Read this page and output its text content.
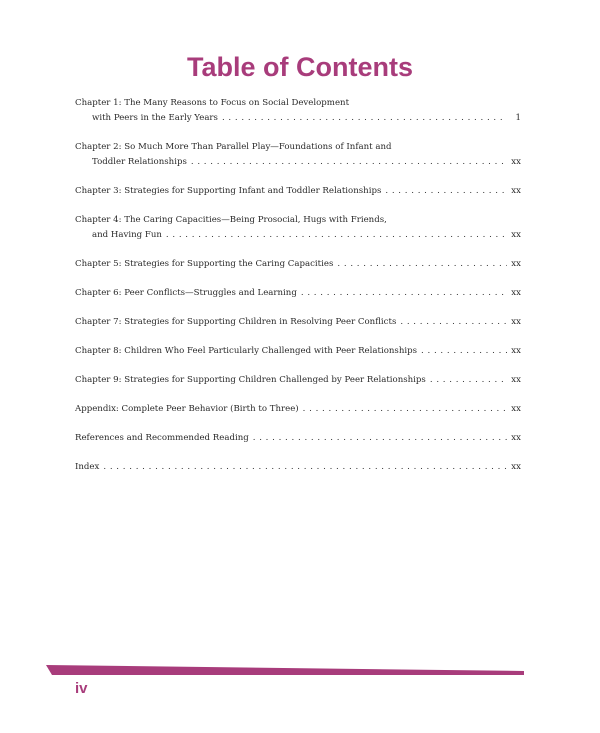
Table of Contents
Chapter 1: The Many Reasons to Focus on Social Development
with Peers in the Early Years . . .	1
Chapter 2: So Much More Than Parallel Play—Foundations of Infant and
Toddler Relationships . . .	xx
Chapter 3: Strategies for Supporting Infant and Toddler Relationships . . .	xx
Chapter 4: The Caring Capacities—Being Prosocial, Hugs with Friends,
and Having Fun . . .	xx
Chapter 5: Strategies for Supporting the Caring Capacities . . .	xx
Chapter 6: Peer Conflicts—Struggles and Learning . . .	xx
Chapter 7: Strategies for Supporting Children in Resolving Peer Conflicts . . .	xx
Chapter 8: Children Who Feel Particularly Challenged with Peer Relationships . . .	xx
Chapter 9: Strategies for Supporting Children Challenged by Peer Relationships . . .	xx
Appendix: Complete Peer Behavior (Birth to Three) . . .	xx
References and Recommended Reading . . .	xx
Index . . .	xx
iv
